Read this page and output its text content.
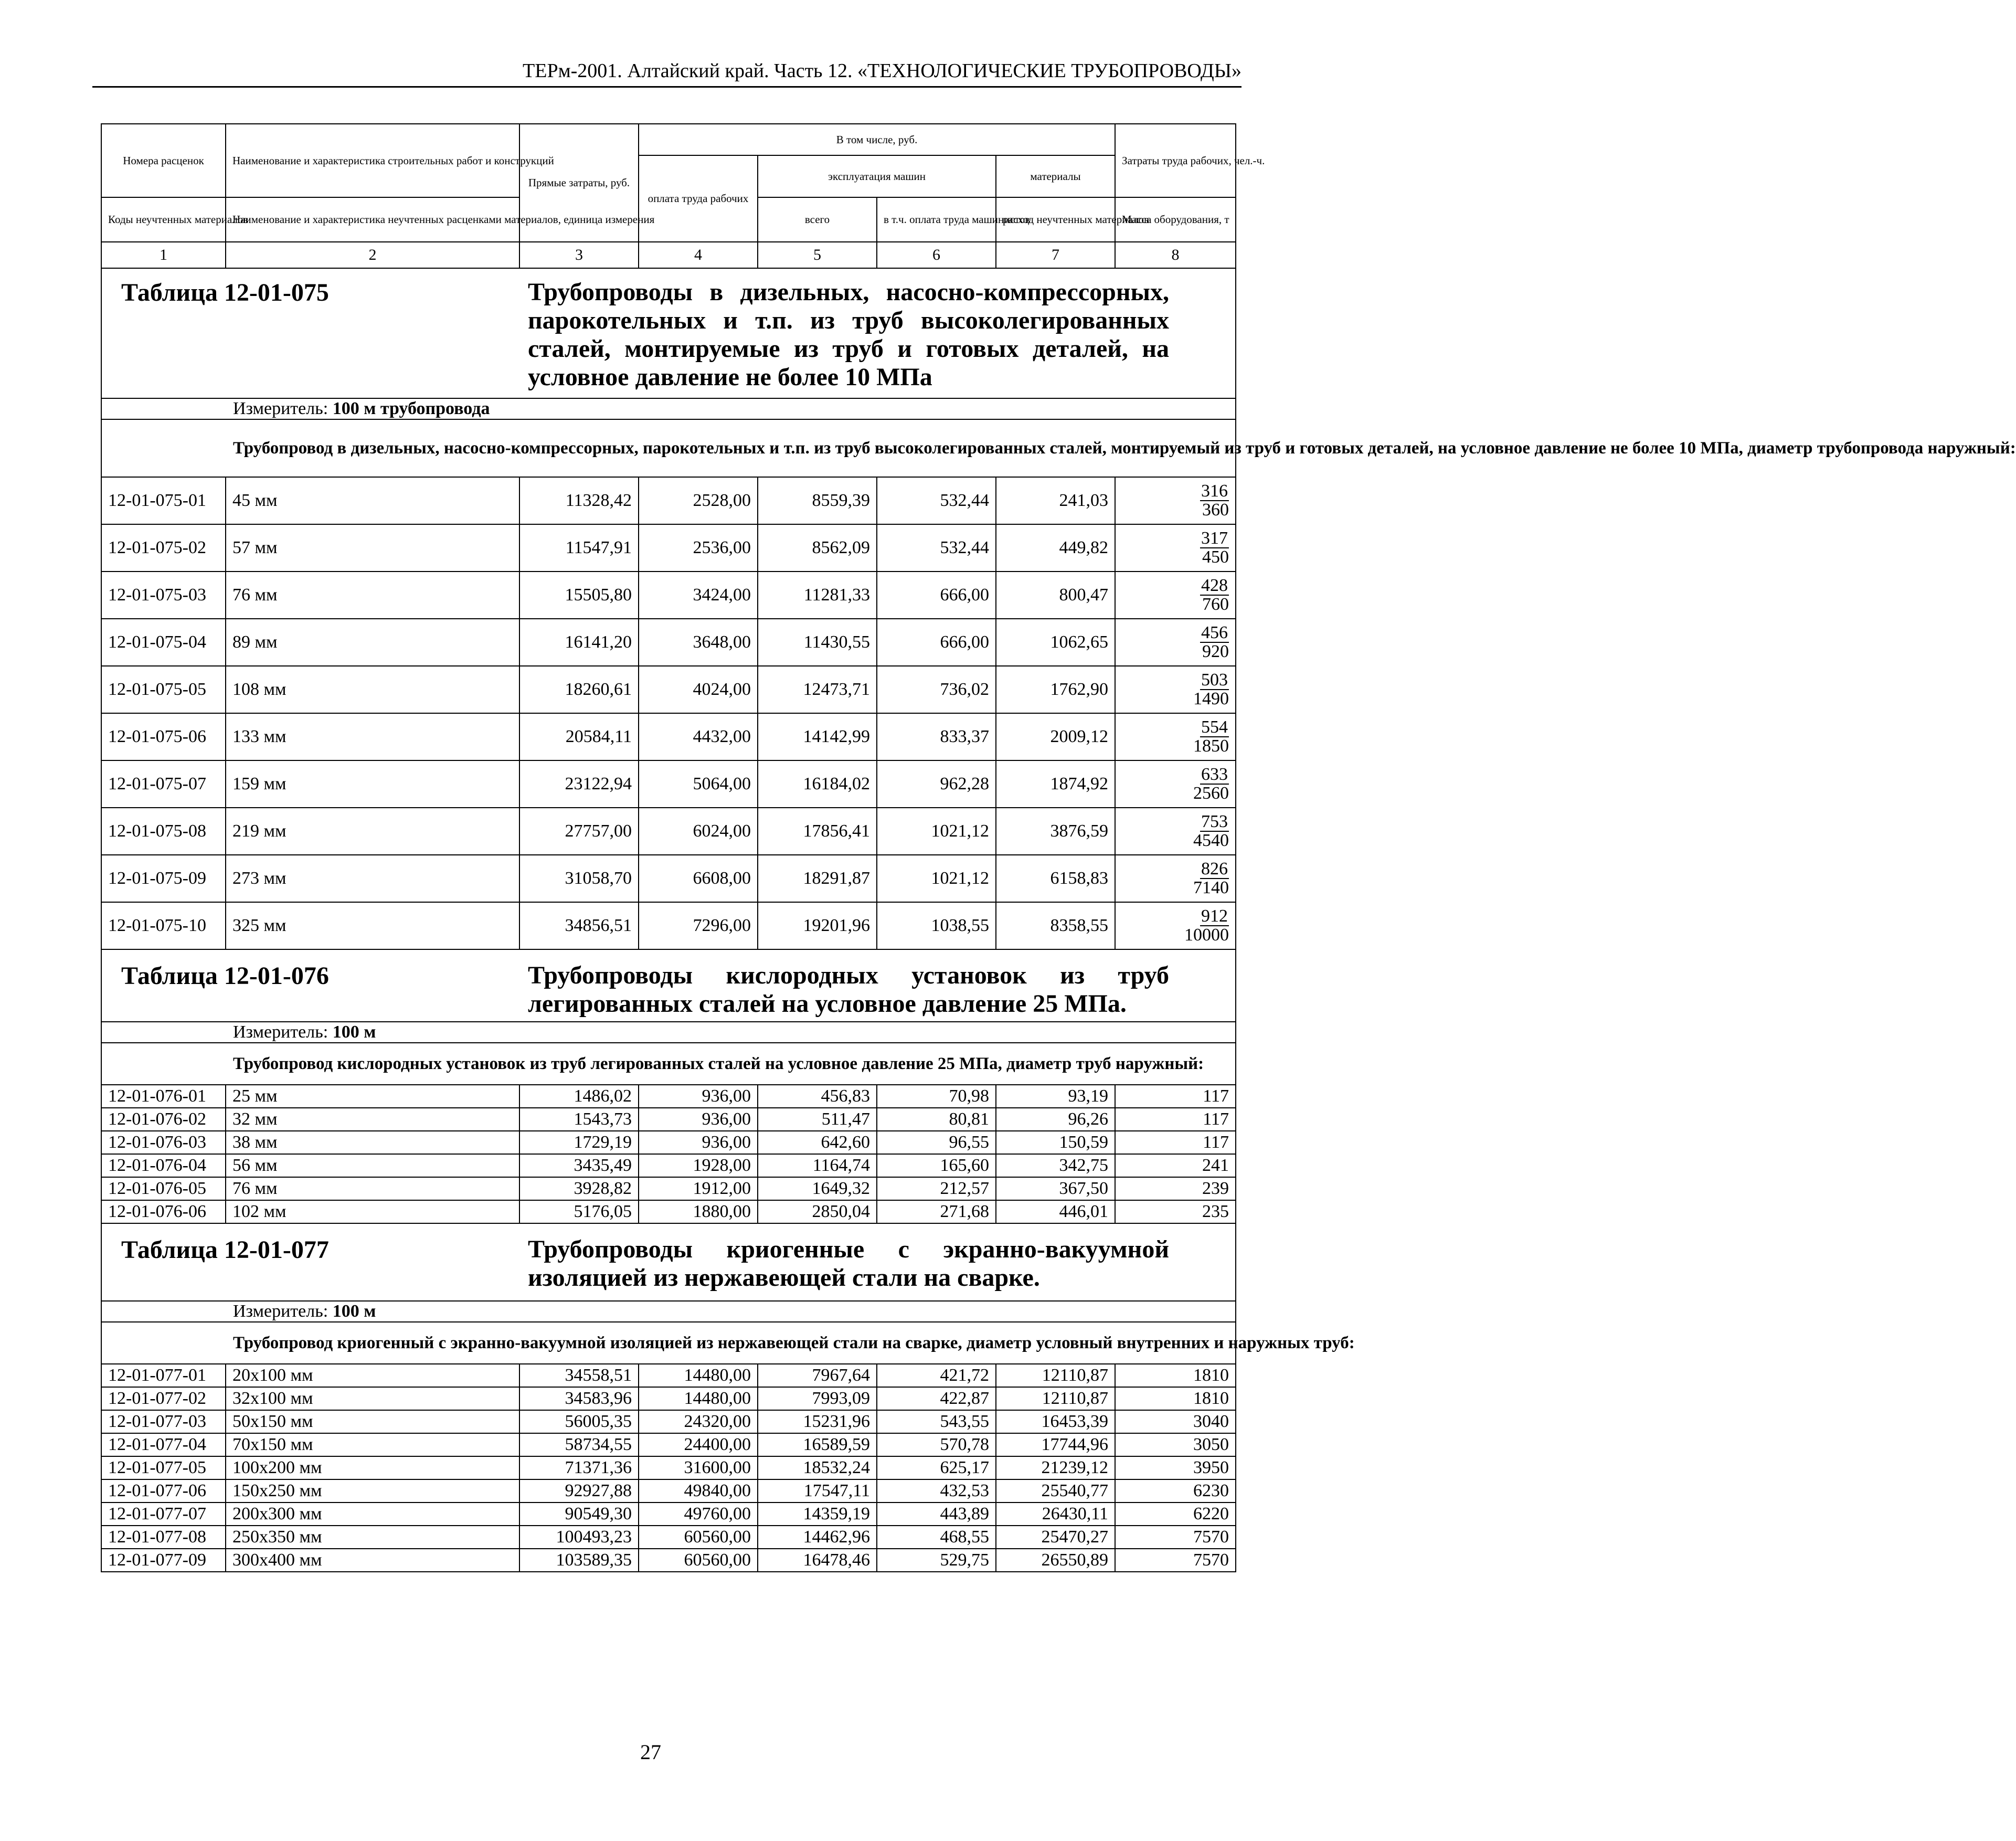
ТЕРм-2001. Алтайский край. Часть 12. «ТЕХНОЛОГИЧЕСКИЕ ТРУБОПРОВОДЫ»
Номера расценок	Наименование и характеристика строительных работ и конструкций	Прямые затраты, руб.	В том числе, руб.				Затраты труда рабочих, чел.-ч.
			оплата труда рабочих	эксплуатация машин		материалы	
Коды неучтенных материалов	Наименование и характеристика неучтенных расценками материалов, единица измерения			всего	в т.ч. оплата труда машинистов	расход неучтенных материалов	Масса оборудования, т
1	2	3	4	5	6	7	8

Таблица 12-01-075 Трубопроводы в дизельных, насосно-компрессорных, парокотельных и т.п. из труб высоколегированных сталей, монтируемые из труб и готовых деталей, на условное давление не более 10 МПа							

Измеритель: 100 м трубопровода							
Трубопровод в дизельных, насосно-компрессорных, парокотельных и т.п. из труб высоколегированных сталей, монтируемый из труб и готовых деталей, на условное давление не более 10 МПа, диаметр трубопровода наружный:							
12-01-075-01	45 мм	11328,42	2528,00	8559,39	532,44	241,03	316
360

12-01-075-02	57 мм	11547,91	2536,00	8562,09	532,44	449,82	317
450

12-01-075-03	76 мм	15505,80	3424,00	11281,33	666,00	800,47	428
760

12-01-075-04	89 мм	16141,20	3648,00	11430,55	666,00	1062,65	456
920

12-01-075-05	108 мм	18260,61	4024,00	12473,71	736,02	1762,90	503
1490

12-01-075-06	133 мм	20584,11	4432,00	14142,99	833,37	2009,12	554
1850

12-01-075-07	159 мм	23122,94	5064,00	16184,02	962,28	1874,92	633
2560

12-01-075-08	219 мм	27757,00	6024,00	17856,41	1021,12	3876,59	753
4540

12-01-075-09	273 мм	31058,70	6608,00	18291,87	1021,12	6158,83	826
7140

12-01-075-10	325 мм	34856,51	7296,00	19201,96	1038,55	8358,55	912
10000

Таблица 12-01-076 Трубопроводы кислородных установок из труб легированных сталей на условное давление 25 МПа.							

Измеритель: 100 м							
Трубопровод кислородных установок из труб легированных сталей на условное давление 25 МПа, диаметр труб наружный:							
12-01-076-01	25 мм	1486,02	936,00	456,83	70,98	93,19	117
12-01-076-02	32 мм	1543,73	936,00	511,47	80,81	96,26	117
12-01-076-03	38 мм	1729,19	936,00	642,60	96,55	150,59	117
12-01-076-04	56 мм	3435,49	1928,00	1164,74	165,60	342,75	241
12-01-076-05	76 мм	3928,82	1912,00	1649,32	212,57	367,50	239
12-01-076-06	102 мм	5176,05	1880,00	2850,04	271,68	446,01	235

Таблица 12-01-077 Трубопроводы криогенные с экранно-вакуумной изоляцией из нержавеющей стали на сварке.							

Измеритель: 100 м							
Трубопровод криогенный с экранно-вакуумной изоляцией из нержавеющей стали на сварке, диаметр условный внутренних и наружных труб:							
12-01-077-01	20x100 мм	34558,51	14480,00	7967,64	421,72	12110,87	1810
12-01-077-02	32x100 мм	34583,96	14480,00	7993,09	422,87	12110,87	1810
12-01-077-03	50x150 мм	56005,35	24320,00	15231,96	543,55	16453,39	3040
12-01-077-04	70x150 мм	58734,55	24400,00	16589,59	570,78	17744,96	3050
12-01-077-05	100x200 мм	71371,36	31600,00	18532,24	625,17	21239,12	3950
12-01-077-06	150x250 мм	92927,88	49840,00	17547,11	432,53	25540,77	6230
12-01-077-07	200x300 мм	90549,30	49760,00	14359,19	443,89	26430,11	6220
12-01-077-08	250x350 мм	100493,23	60560,00	14462,96	468,55	25470,27	7570
12-01-077-09	300x400 мм	103589,35	60560,00	16478,46	529,75	26550,89	7570
27
